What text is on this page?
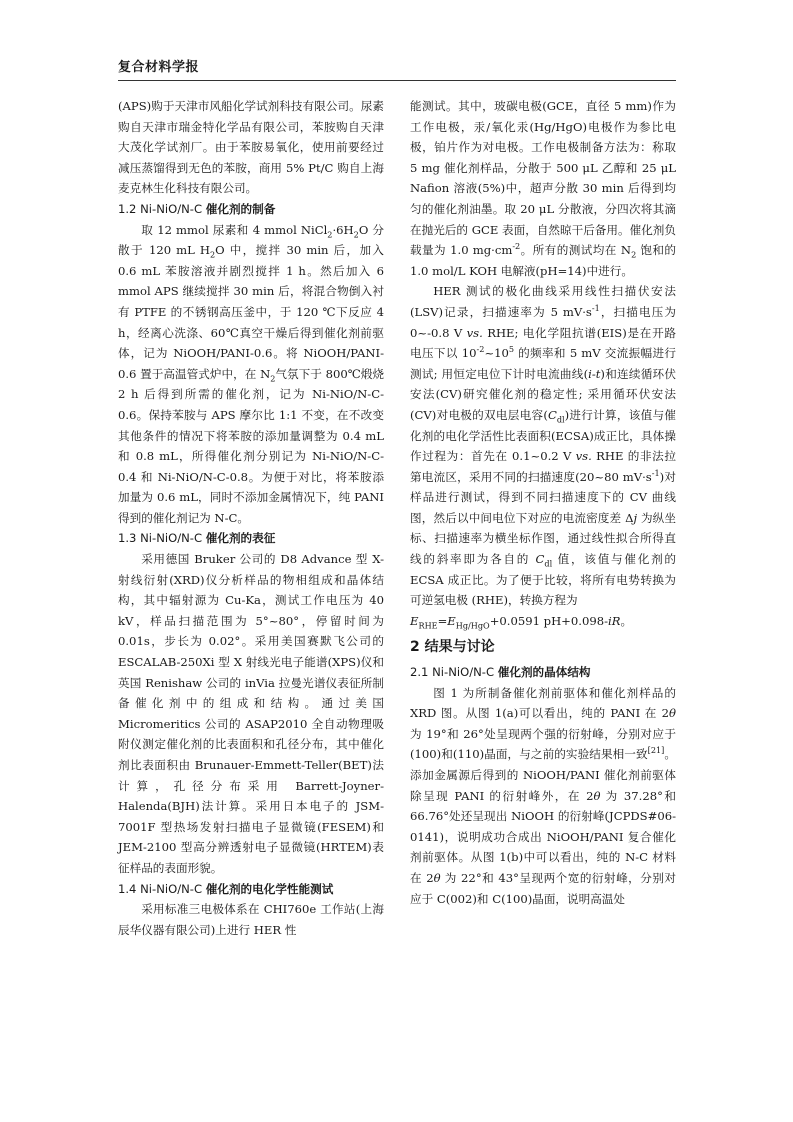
复合材料学报

(APS)购于天津市风船化学试剂科技有限公司。尿素购自天津市瑞金特化学品有限公司，苯胺购自天津大茂化学试剂厂。由于苯胺易氧化，使用前要经过减压蒸馏得到无色的苯胺，商用 5% Pt/C 购自上海麦克林生化科技有限公司。

1.2 Ni-NiO/N-C 催化剂的制备

取 12 mmol 尿素和 4 mmol $NiCl_2\cdot 6H_2O$ 分散于 120 mL $H_2O$ 中，搅拌 30 min 后，加入 0.6 mL 苯胺溶液并剧烈搅拌 1 h。然后加入 6 mmol APS 继续搅拌 30 min 后，将混合物倒入衬有 PTFE 的不锈钢高压釜中，于 120 ℃下反应 4 h，经离心洗涤、60℃真空干燥后得到催化剂前驱体，记为 NiOOH/PANI-0.6。将 NiOOH/PANI-0.6 置于高温管式炉中，在 $N_2$气氛下于 800℃煅烧 2 h 后得到所需的催化剂，记为 Ni-NiO/N-C-0.6。保持苯胺与 APS 摩尔比 1:1 不变，在不改变其他条件的情况下将苯胺的添加量调整为 0.4 mL 和 0.8 mL，所得催化剂分别记为 Ni-NiO/N-C-0.4 和 Ni-NiO/N-C-0.8。为便于对比，将苯胺添加量为 0.6 mL，同时不添加金属情况下，纯 PANI 得到的催化剂记为 N-C。

1.3 Ni-NiO/N-C 催化剂的表征

采用德国 Bruker 公司的 D8 Advance 型 X-射线衍射(XRD)仪分析样品的物相组成和晶体结构，其中辐射源为 Cu-Ka，测试工作电压为 40 kV，样品扫描范围为 5°~80°，停留时间为 0.01s，步长为 0.02°。采用美国赛默飞公司的 ESCALAB-250Xi 型 X 射线光电子能谱(XPS)仪和英国 Renishaw 公司的 inVia 拉曼光谱仪表征所制备催化剂中的组成和结构。通过美国 Micromeritics 公司的 ASAP2010 全自动物理吸附仪测定催化剂的比表面积和孔径分布，其中催化剂比表面积由 Brunauer-Emmett-Teller(BET)法计算，孔径分布采用 Barrett-Joyner-Halenda(BJH)法计算。采用日本电子的 JSM-7001F 型热场发射扫描电子显微镜(FESEM)和 JEM-2100 型高分辨透射电子显微镜(HRTEM)表征样品的表面形貌。

1.4 Ni-NiO/N-C 催化剂的电化学性能测试

采用标准三电极体系在 CHI760e 工作站(上海辰华仪器有限公司)上进行 HER 性

能测试。其中，玻碳电极(GCE，直径 5 mm)作为工作电极，汞/氧化汞(Hg/HgO)电极作为参比电极，铂片作为对电极。工作电极制备方法为：称取 5 mg 催化剂样品，分散于 500 μL 乙醇和 25 μL Nafion 溶液(5%)中，超声分散 30 min 后得到均匀的催化剂油墨。取 20 μL 分散液，分四次将其滴在抛光后的 GCE 表面，自然晾干后备用。催化剂负载量为 1.0 $mg\cdot cm^{-2}$。所有的测试均在 $N_2$ 饱和的 1.0 mol/L KOH 电解液(pH=14)中进行。

HER 测试的极化曲线采用线性扫描伏安法(LSV)记录，扫描速率为 5 $mV\cdot s^{-1}$，扫描电压为 0~-0.8 V vs. RHE; 电化学阻抗谱(EIS)是在开路电压下以 $10^{-2}\sim 10^5$ 的频率和 5 mV 交流振幅进行测试; 用恒定电位下计时电流曲线(i-t)和连续循环伏安法(CV)研究催化剂的稳定性; 采用循环伏安法(CV)对电极的双电层电容$(C_{dl})$进行计算，该值与催化剂的电化学活性比表面积(ECSA)成正比，具体操作过程为：首先在 0.1~0.2 V vs. RHE 的非法拉第电流区，采用不同的扫描速度(20~80 $mV\cdot s^{-1}$)对样品进行测试，得到不同扫描速度下的 CV 曲线图，然后以中间电位下对应的电流密度差 Δj 为纵坐标、扫描速率为横坐标作图，通过线性拟合所得直线的斜率即为各自的 $C_{dl}$ 值，该值与催化剂的 ECSA 成正比。为了便于比较，将所有电势转换为可逆氢电极 (RHE)，转换方程为

$E_{RHE}=E_{Hg/HgO}+0.0591$ pH+0.098-iR。

2 结果与讨论
2.1 Ni-NiO/N-C 催化剂的晶体结构

图 1 为所制备催化剂前驱体和催化剂样品的 XRD 图。从图 1(a)可以看出，纯的 PANI 在 2θ 为 19°和 26°处呈现两个强的衍射峰，分别对应于(100)和(110)晶面，与之前的实验结果相一致[21]。添加金属源后得到的 NiOOH/PANI 催化剂前驱体除呈现 PANI 的衍射峰外，在 2θ 为 37.28°和 66.76°处还呈现出 NiOOH 的衍射峰(JCPDS#06-0141)，说明成功合成出 NiOOH/PANI 复合催化剂前驱体。从图 1(b)中可以看出，纯的 N-C 材料在 2θ 为 22°和 43°呈现两个宽的衍射峰，分别对应于 C(002)和 C(100)晶面，说明高温处
